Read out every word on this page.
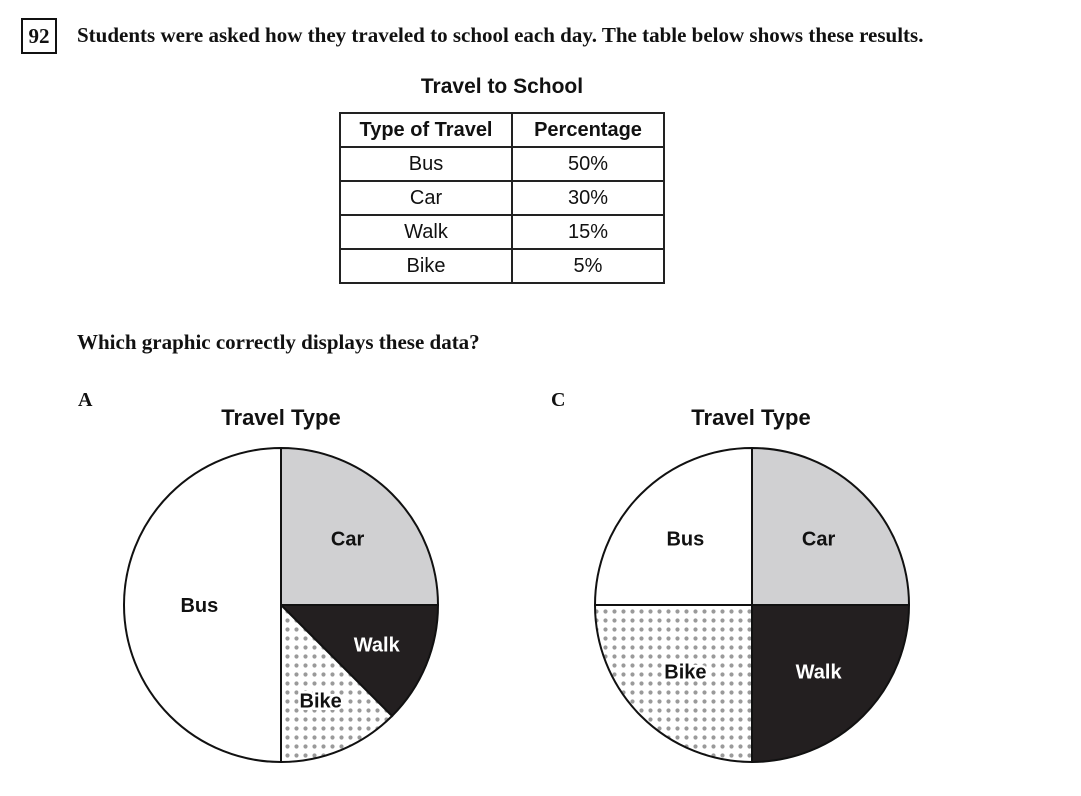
92	Students were asked how they traveled to school each day. The table below shows these results.
Travel to School
Type of Travel	Percentage
Bus	50%
Car	30%
Walk	15%
Bike	5%
Which graphic correctly displays these data?
A
Travel Type
Car
Walk
Bike
Bus
C
Travel Type
Car
Walk
Bike
Bus
